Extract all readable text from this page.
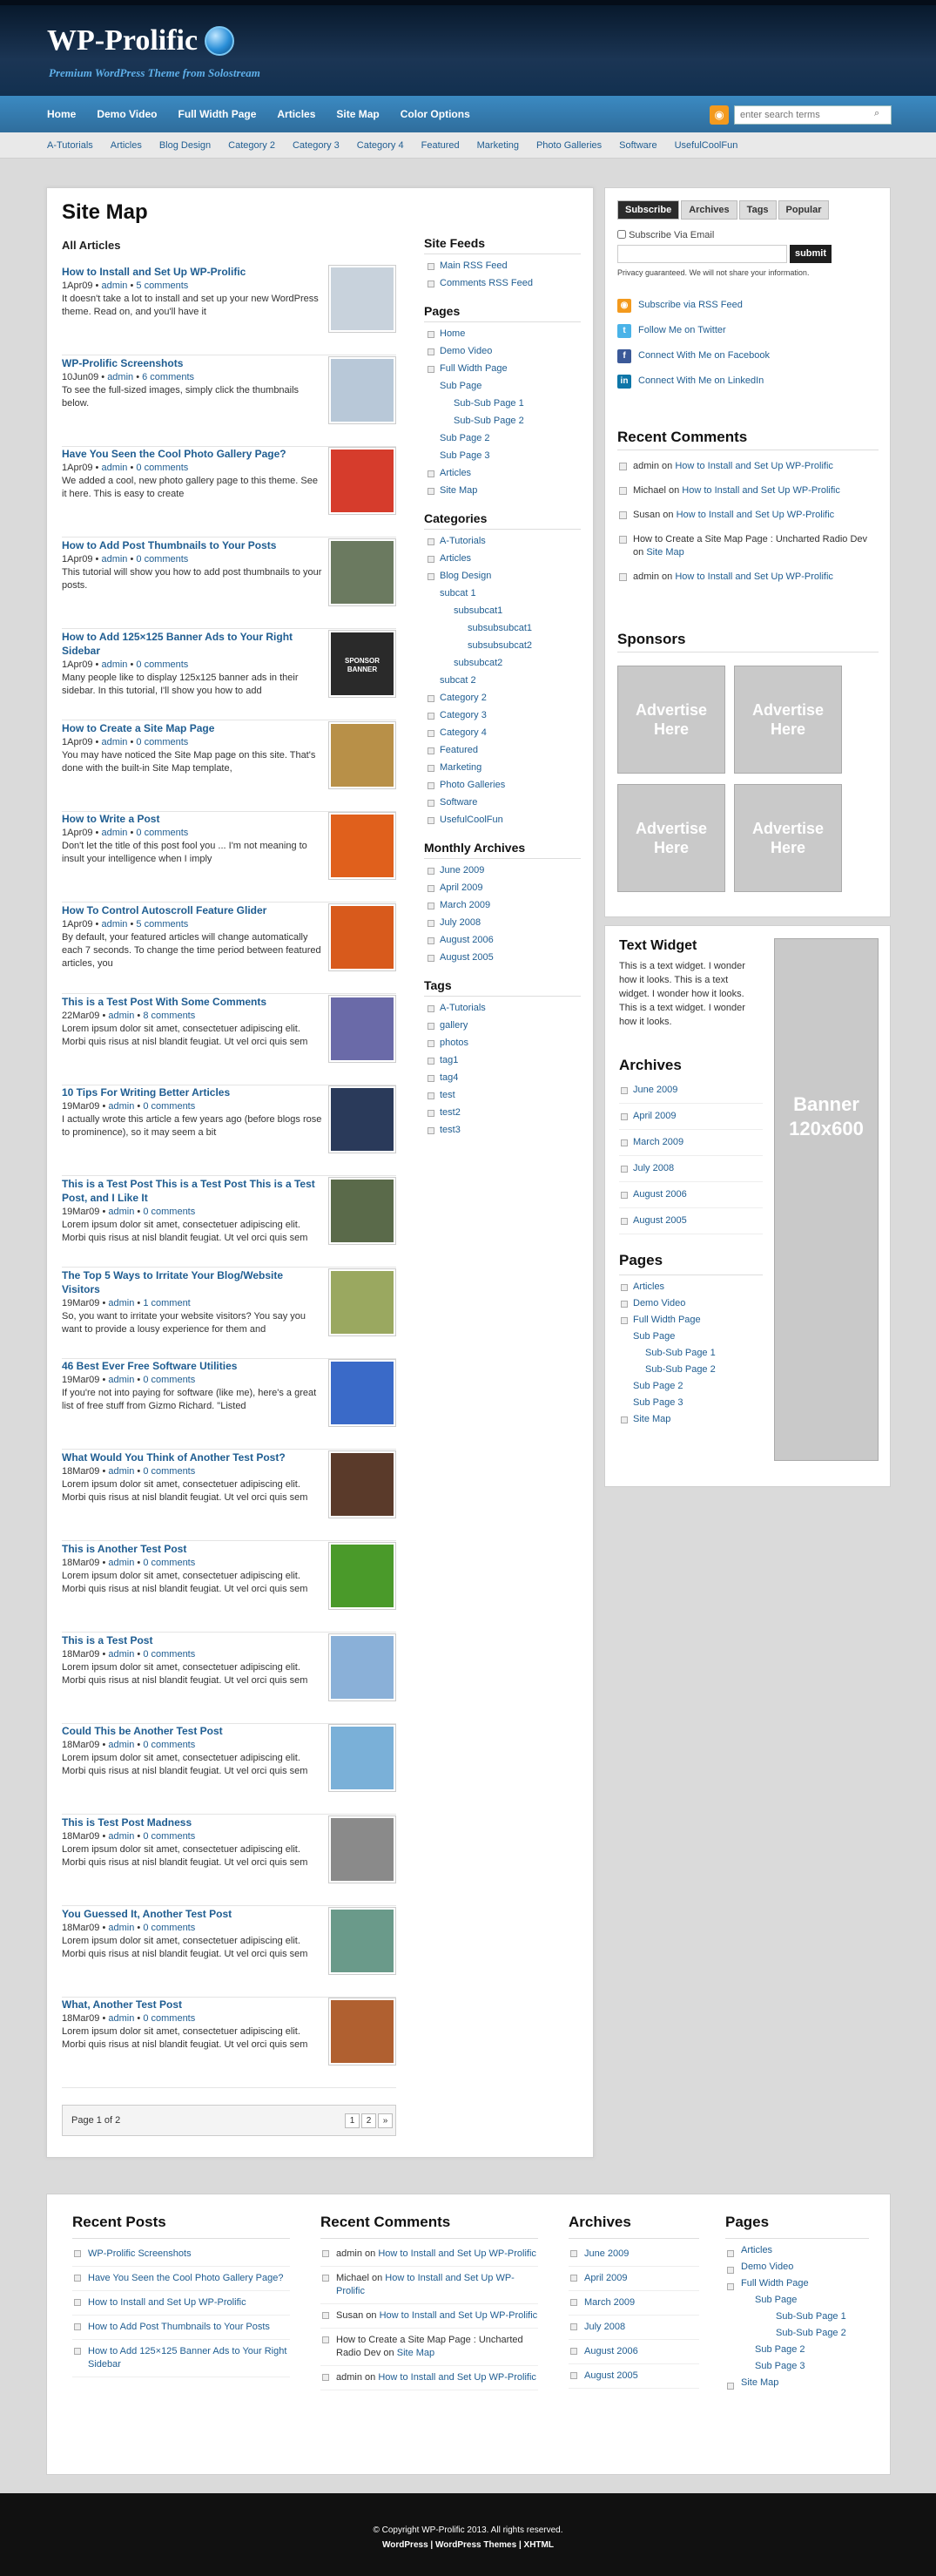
WP-Prolific
Premium WordPress Theme from Solostream
Home	Demo Video	Full Width Page	Articles	Site Map	Color Options	◉
enter search terms	⌕
A-Tutorials	Articles	Blog Design	Category 2	Category 3	Category 4	Featured	Marketing	Photo Galleries	Software	UsefulCoolFun
Site Map
All Articles
How to Install and Set Up WP-Prolific
1Apr09 • admin • 5 comments
It doesn't take a lot to install and set up your new WordPress theme. Read on, and you'll have it
WP-Prolific Screenshots
10Jun09 • admin • 6 comments
To see the full-sized images, simply click the thumbnails below.
Have You Seen the Cool Photo Gallery Page?
1Apr09 • admin • 0 comments
We added a cool, new photo gallery page to this theme. See it here. This is easy to create
How to Add Post Thumbnails to Your Posts
1Apr09 • admin • 0 comments
This tutorial will show you how to add post thumbnails to your posts.
How to Add 125×125 Banner Ads to Your Right Sidebar
1Apr09 • admin • 0 comments
Many people like to display 125x125 banner ads in their sidebar. In this tutorial, I'll show you how to add
SPONSOR BANNER
How to Create a Site Map Page
1Apr09 • admin • 0 comments
You may have noticed the Site Map page on this site. That's done with the built-in Site Map template,
How to Write a Post
1Apr09 • admin • 0 comments
Don't let the title of this post fool you ... I'm not meaning to insult your intelligence when I imply
How To Control Autoscroll Feature Glider
1Apr09 • admin • 5 comments
By default, your featured articles will change automatically each 7 seconds. To change the time period between featured articles, you
This is a Test Post With Some Comments
22Mar09 • admin • 8 comments
Lorem ipsum dolor sit amet, consectetuer adipiscing elit. Morbi quis risus at nisl blandit feugiat. Ut vel orci quis sem
10 Tips For Writing Better Articles
19Mar09 • admin • 0 comments
I actually wrote this article a few years ago (before blogs rose to prominence), so it may seem a bit
This is a Test Post This is a Test Post This is a Test Post, and I Like It
19Mar09 • admin • 0 comments
Lorem ipsum dolor sit amet, consectetuer adipiscing elit. Morbi quis risus at nisl blandit feugiat. Ut vel orci quis sem
The Top 5 Ways to Irritate Your Blog/Website Visitors
19Mar09 • admin • 1 comment
So, you want to irritate your website visitors? You say you want to provide a lousy experience for them and
46 Best Ever Free Software Utilities
19Mar09 • admin • 0 comments
If you're not into paying for software (like me), here's a great list of free stuff from Gizmo Richard. "Listed
What Would You Think of Another Test Post?
18Mar09 • admin • 0 comments
Lorem ipsum dolor sit amet, consectetuer adipiscing elit. Morbi quis risus at nisl blandit feugiat. Ut vel orci quis sem
This is Another Test Post
18Mar09 • admin • 0 comments
Lorem ipsum dolor sit amet, consectetuer adipiscing elit. Morbi quis risus at nisl blandit feugiat. Ut vel orci quis sem
This is a Test Post
18Mar09 • admin • 0 comments
Lorem ipsum dolor sit amet, consectetuer adipiscing elit. Morbi quis risus at nisl blandit feugiat. Ut vel orci quis sem
Could This be Another Test Post
18Mar09 • admin • 0 comments
Lorem ipsum dolor sit amet, consectetuer adipiscing elit. Morbi quis risus at nisl blandit feugiat. Ut vel orci quis sem
This is Test Post Madness
18Mar09 • admin • 0 comments
Lorem ipsum dolor sit amet, consectetuer adipiscing elit. Morbi quis risus at nisl blandit feugiat. Ut vel orci quis sem
You Guessed It, Another Test Post
18Mar09 • admin • 0 comments
Lorem ipsum dolor sit amet, consectetuer adipiscing elit. Morbi quis risus at nisl blandit feugiat. Ut vel orci quis sem
What, Another Test Post
18Mar09 • admin • 0 comments
Lorem ipsum dolor sit amet, consectetuer adipiscing elit. Morbi quis risus at nisl blandit feugiat. Ut vel orci quis sem
Page 1 of 2	1	2	»
Site Feeds
Main RSS Feed
Comments RSS Feed
Pages
Home
Demo Video
Full Width Page
Sub Page
Sub-Sub Page 1
Sub-Sub Page 2
Sub Page 2
Sub Page 3
Articles
Site Map
Categories
A-Tutorials
Articles
Blog Design
subcat 1
subsubcat1
subsubsubcat1
subsubsubcat2
subsubcat2
subcat 2
Category 2
Category 3
Category 4
Featured
Marketing
Photo Galleries
Software
UsefulCoolFun
Monthly Archives
June 2009
April 2009
March 2009
July 2008
August 2006
August 2005
Tags
A-Tutorials
gallery
photos
tag1
tag4
test
test2
test3
Subscribe	Archives	Tags	Popular
Subscribe Via Email
submit
Privacy guaranteed. We will not share your information.
◉	Subscribe via RSS Feed
t	Follow Me on Twitter
f	Connect With Me on Facebook
in	Connect With Me on LinkedIn
Recent Comments
admin on How to Install and Set Up WP-Prolific
Michael on How to Install and Set Up WP-Prolific
Susan on How to Install and Set Up WP-Prolific
How to Create a Site Map Page : Uncharted Radio Dev on Site Map
admin on How to Install and Set Up WP-Prolific
Sponsors
Advertise Here
Advertise Here
Advertise Here
Advertise Here
Text Widget
This is a text widget. I wonder how it looks. This is a text widget. I wonder how it looks. This is a text widget. I wonder how it looks.
Banner 120x600
Archives
June 2009
April 2009
March 2009
July 2008
August 2006
August 2005
Pages
Articles
Demo Video
Full Width Page
Sub Page
Sub-Sub Page 1
Sub-Sub Page 2
Sub Page 2
Sub Page 3
Site Map
Recent Posts
WP-Prolific Screenshots
Have You Seen the Cool Photo Gallery Page?
How to Install and Set Up WP-Prolific
How to Add Post Thumbnails to Your Posts
How to Add 125×125 Banner Ads to Your Right Sidebar
Recent Comments
admin on How to Install and Set Up WP-Prolific
Michael on How to Install and Set Up WP-Prolific
Susan on How to Install and Set Up WP-Prolific
How to Create a Site Map Page : Uncharted Radio Dev on Site Map
admin on How to Install and Set Up WP-Prolific
Archives
June 2009
April 2009
March 2009
July 2008
August 2006
August 2005
Pages
Articles
Demo Video
Full Width Page
Sub Page
Sub-Sub Page 1
Sub-Sub Page 2
Sub Page 2
Sub Page 3
Site Map
© Copyright WP-Prolific 2013. All rights reserved.
WordPress | WordPress Themes | XHTML
